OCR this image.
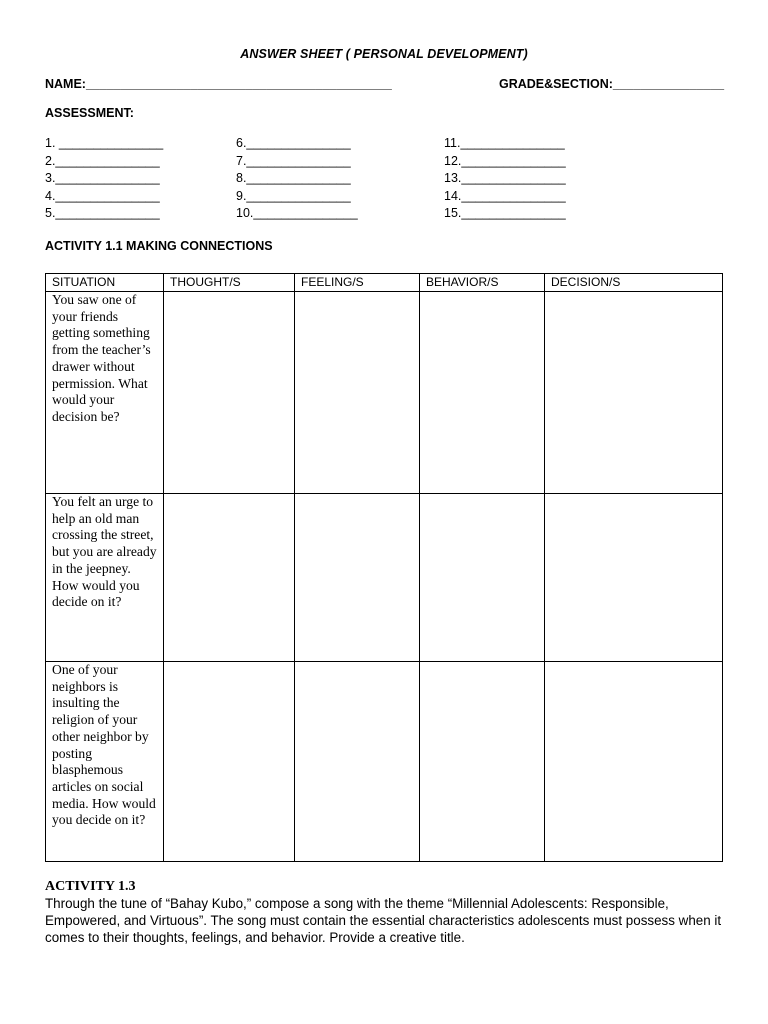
ANSWER SHEET ( PERSONAL DEVELOPMENT)
NAME:____________________________________________	GRADE&SECTION:________________
ASSESSMENT:
1. _______________
2._______________
3._______________
4._______________
5._______________
6._______________
7._______________
8._______________
9._______________
10._______________
11._______________
12._______________
13._______________
14._______________
15._______________
ACTIVITY 1.1 MAKING CONNECTIONS
SITUATION	THOUGHT/S	FEELING/S	BEHAVIOR/S	DECISION/S
You saw one of your friends getting something from the teacher’s drawer without permission. What would your decision be?				
You felt an urge to help an old man crossing the street, but you are already in the jeepney. How would you decide on it?				
One of your neighbors is insulting the religion of your other neighbor by posting blasphemous articles on social media. How would you decide on it?				
ACTIVITY 1.3
Through the tune of “Bahay Kubo,” compose a song with the theme “Millennial Adolescents: Responsible, Empowered, and Virtuous”. The song must contain the essential characteristics adolescents must possess when it comes to their thoughts, feelings, and behavior. Provide a creative title.
